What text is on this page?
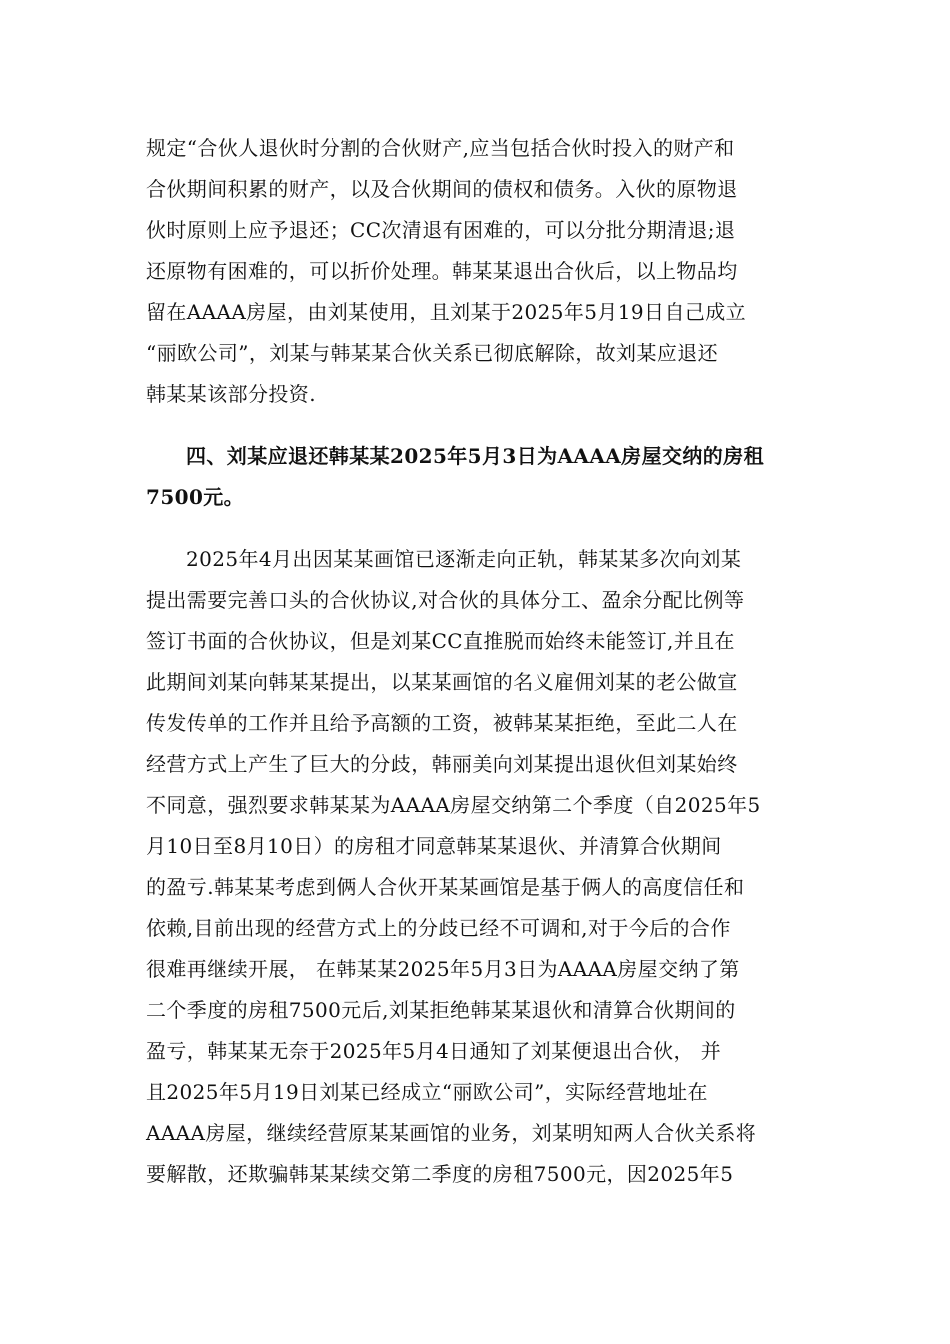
规定“合伙人退伙时分割的合伙财产,应当包括合伙时投入的财产和
合伙期间积累的财产，以及合伙期间的债权和债务。入伙的原物退
伙时原则上应予退还；CC次清退有困难的，可以分批分期清退;退
还原物有困难的，可以折价处理。韩某某退出合伙后，以上物品均
留在AAAA房屋，由刘某使用，且刘某于2025年5月19日自己成立
“丽欧公司”，刘某与韩某某合伙关系已彻底解除，故刘某应退还
韩某某该部分投资.

四、刘某应退还韩某某2025年5月3日为AAAA房屋交纳的房租
7500元。

2025年4月出因某某画馆已逐渐走向正轨，韩某某多次向刘某
提出需要完善口头的合伙协议,对合伙的具体分工、盈余分配比例等
签订书面的合伙协议，但是刘某CC直推脱而始终未能签订,并且在
此期间刘某向韩某某提出，以某某画馆的名义雇佣刘某的老公做宣
传发传单的工作并且给予高额的工资，被韩某某拒绝，至此二人在
经营方式上产生了巨大的分歧，韩丽美向刘某提出退伙但刘某始终
不同意，强烈要求韩某某为AAAA房屋交纳第二个季度（自2025年5
月10日至8月10日）的房租才同意韩某某退伙、并清算合伙期间
的盈亏.韩某某考虑到俩人合伙开某某画馆是基于俩人的高度信任和
依赖,目前出现的经营方式上的分歧已经不可调和,对于今后的合作
很难再继续开展， 在韩某某2025年5月3日为AAAA房屋交纳了第
二个季度的房租7500元后,刘某拒绝韩某某退伙和清算合伙期间的
盈亏，韩某某无奈于2025年5月4日通知了刘某便退出合伙， 并
且2025年5月19日刘某已经成立“丽欧公司”，实际经营地址在
AAAA房屋，继续经营原某某画馆的业务，刘某明知两人合伙关系将
要解散，还欺骗韩某某续交第二季度的房租7500元，因2025年5
